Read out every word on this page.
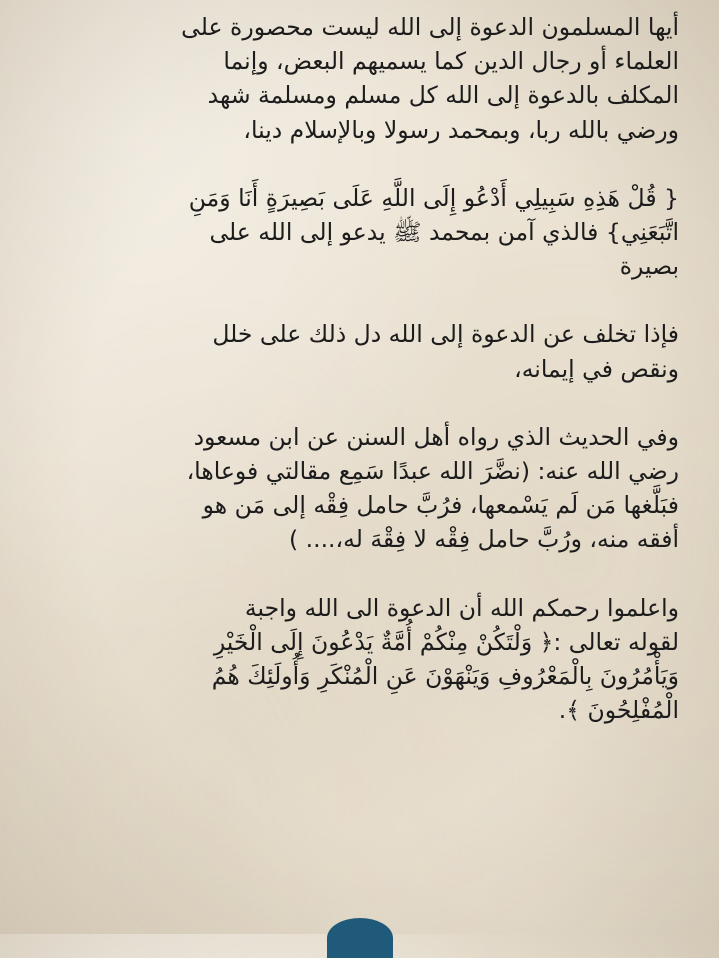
أيها المسلمون الدعوة إلى الله ليست محصورة على
العلماء أو رجال الدين كما يسميهم البعض، وإنما
المكلف بالدعوة إلى الله كل مسلم ومسلمة شهد
ورضي بالله ربا، وبمحمد رسولا وبالإسلام دينا،

{ قُلْ هَذِهِ سَبِيلِي أَدْعُو إِلَى اللَّهِ عَلَى بَصِيرَةٍ أَنَا وَمَنِ
اتَّبَعَنِي} فالذي آمن بمحمد ﷺ يدعو إلى الله على
بصيرة

فإذا تخلف عن الدعوة إلى الله دل ذلك على خلل
ونقص في إيمانه،

وفي الحديث الذي رواه أهل السنن عن ابن مسعود
رضي الله عنه: (نضَّرَ الله عبدًا سَمِع مقالتي فوعاها،
فبَلَّغها مَن لَم يَسْمعها، فرُبَّ حامل فِقْه إلى مَن هو
أفقه منه، ورُبَّ حامل فِقْه لا فِقْهَ له،.... )

واعلموا رحمكم الله أن الدعوة الى الله واجبة
لقوله تعالى :﴿ وَلْتَكُنْ مِنْكُمْ أُمَّةٌ يَدْعُونَ إِلَى الْخَيْرِ
وَيَأْمُرُونَ بِالْمَعْرُوفِ وَيَنْهَوْنَ عَنِ الْمُنْكَرِ وَأُولَئِكَ هُمُ
الْمُفْلِحُونَ ﴾.
